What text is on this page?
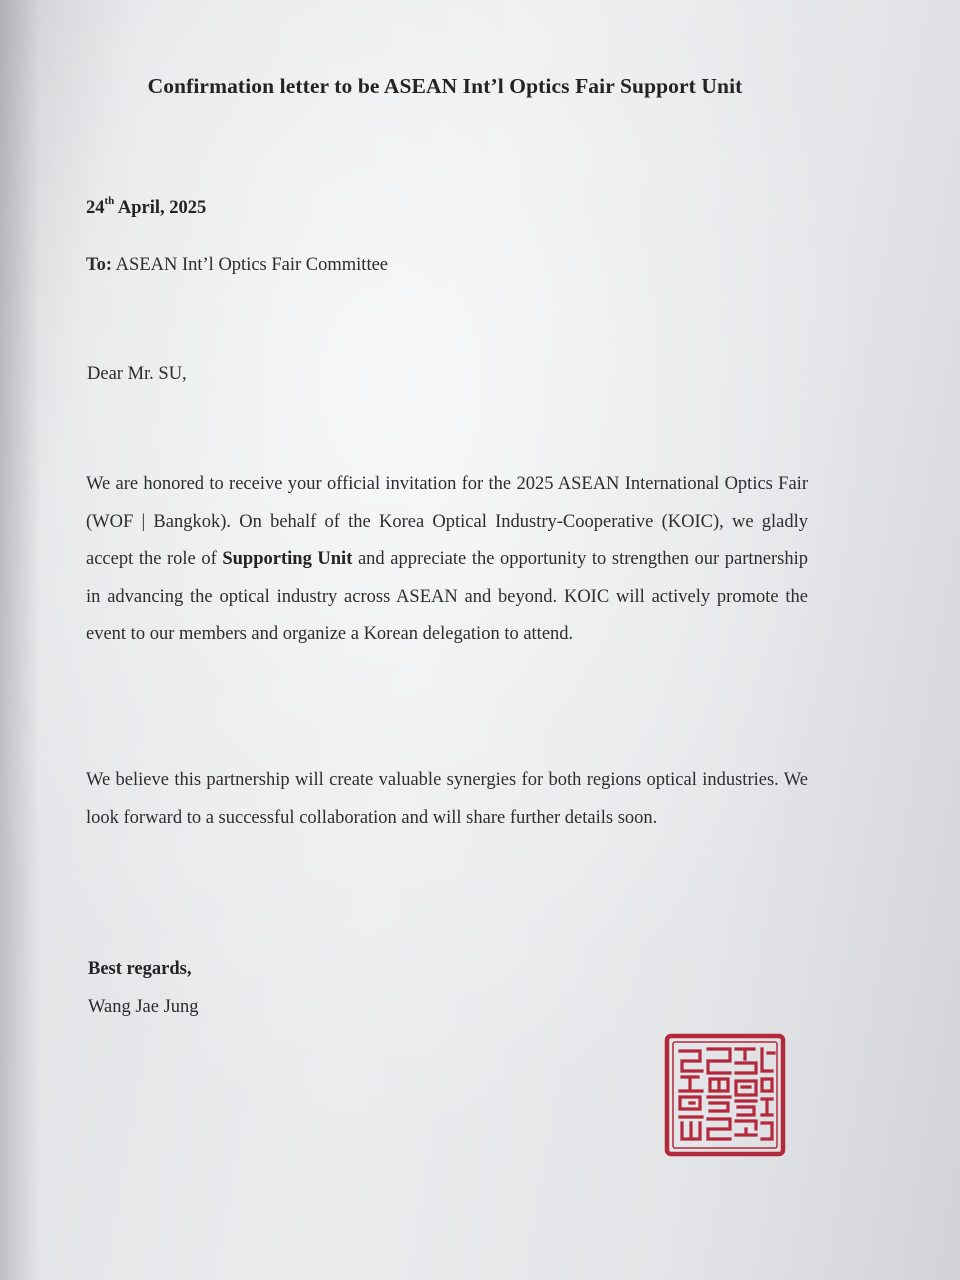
Confirmation letter to be ASEAN Int’l Optics Fair Support Unit
24th April, 2025
To: ASEAN Int’l Optics Fair Committee
Dear Mr. SU,
We are honored to receive your official invitation for the 2025 ASEAN International Optics Fair (WOF | Bangkok). On behalf of the Korea Optical Industry-Cooperative (KOIC), we gladly accept the role of Supporting Unit and appreciate the opportunity to strengthen our partnership in advancing the optical industry across ASEAN and beyond. KOIC will actively promote the event to our members and organize a Korean delegation to attend.
We believe this partnership will create valuable synergies for both regions optical industries. We look forward to a successful collaboration and will share further details soon.
Best regards,
Wang Jae Jung
